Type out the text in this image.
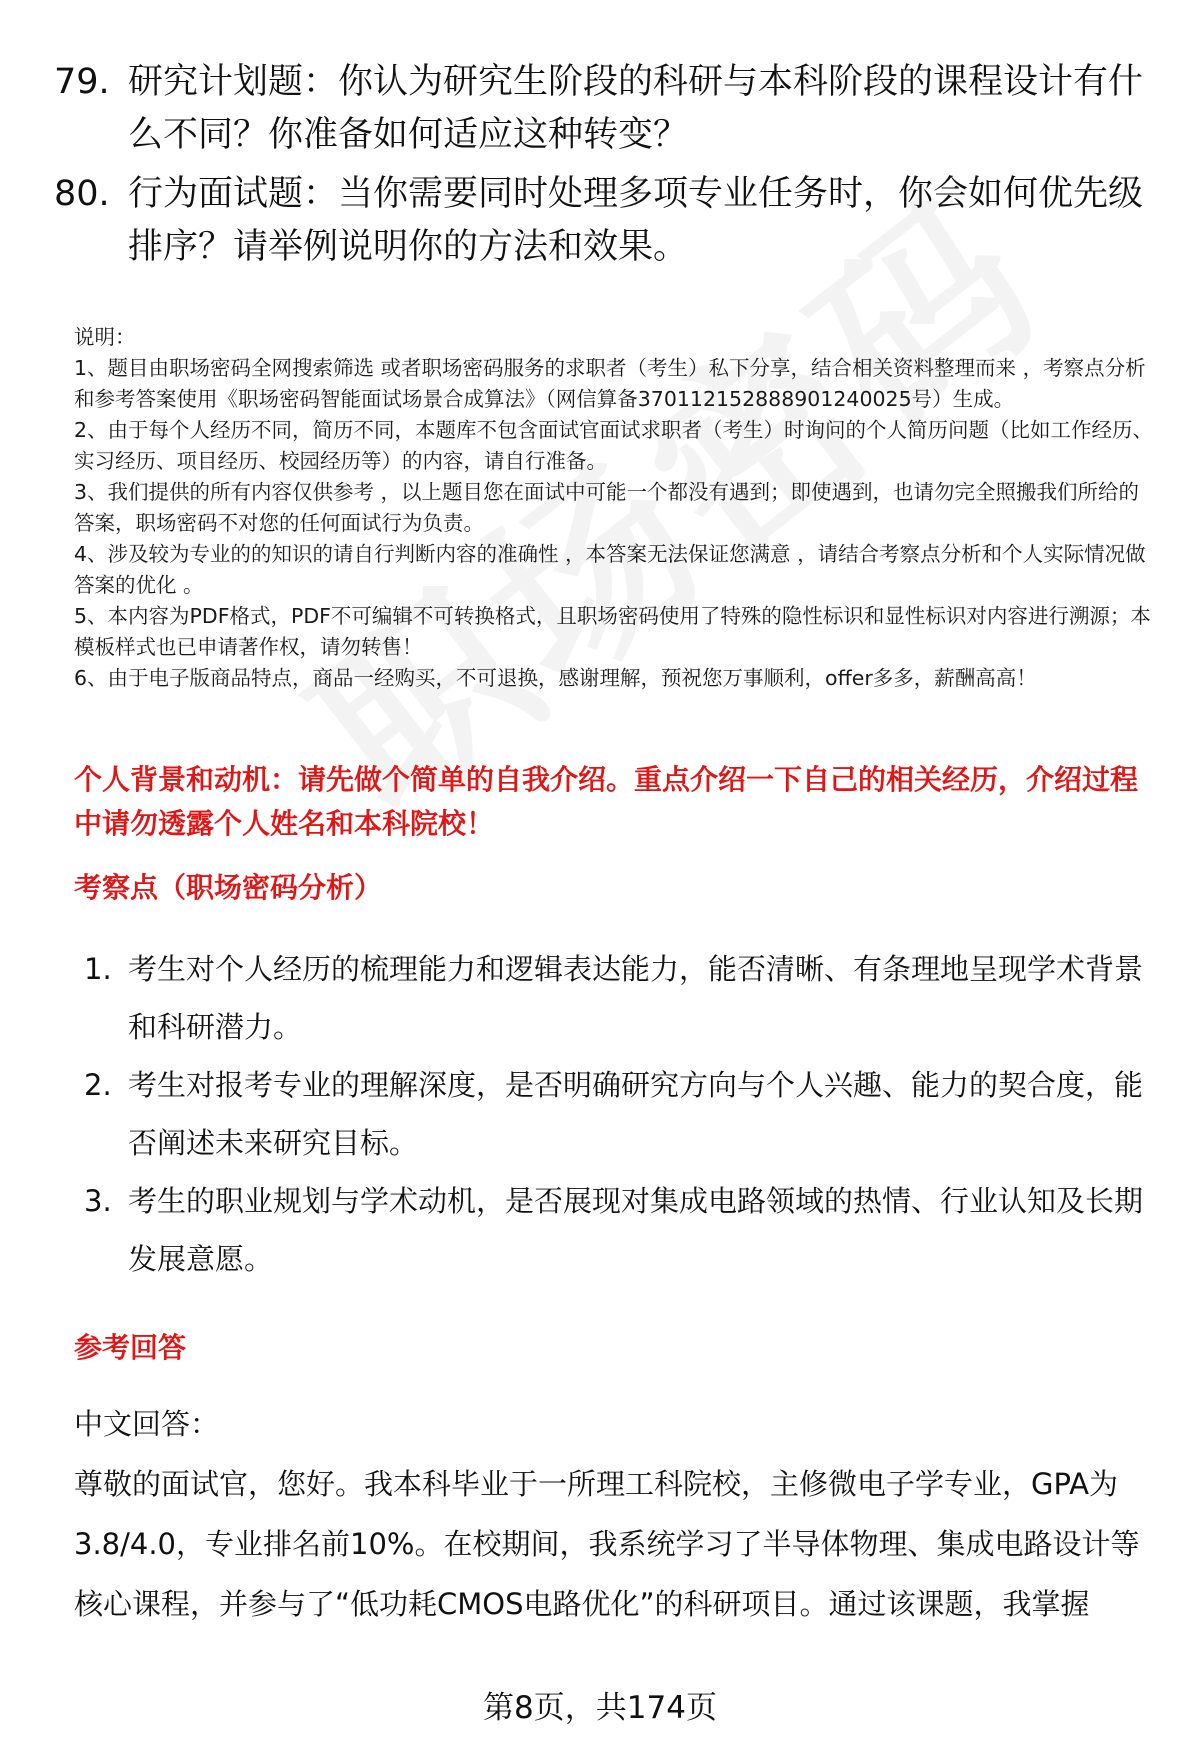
79. 研究计划题：你认为研究生阶段的科研与本科阶段的课程设计有什么不同？你准备如何适应这种转变？
80. 行为面试题：当你需要同时处理多项专业任务时，你会如何优先级排序？请举例说明你的方法和效果。

说明：

1、题目由职场密码全网搜索筛选 或者职场密码服务的求职者（考生）私下分享，结合相关资料整理而来 ，考察点分析和参考答案使用《职场密码智能面试场景合成算法》（网信算备370112152888901240025号）生成。

2、由于每个人经历不同，简历不同，本题库不包含面试官面试求职者（考生）时询问的个人简历问题（比如工作经历、实习经历、项目经历、校园经历等）的内容，请自行准备。

3、我们提供的所有内容仅供参考 ，以上题目您在面试中可能一个都没有遇到；即使遇到，也请勿完全照搬我们所给的答案，职场密码不对您的任何面试行为负责。

4、涉及较为专业的的知识的请自行判断内容的准确性 ，本答案无法保证您满意 ，请结合考察点分析和个人实际情况做答案的优化 。

5、本内容为PDF格式，PDF不可编辑不可转换格式，且职场密码使用了特殊的隐性标识和显性标识对内容进行溯源；本模板样式也已申请著作权，请勿转售！

6、由于电子版商品特点，商品一经购买，不可退换，感谢理解，预祝您万事顺利，offer多多，薪酬高高！

个人背景和动机：请先做个简单的自我介绍。重点介绍一下自己的相关经历，介绍过程中请勿透露个人姓名和本科院校！
考察点（职场密码分析）
1. 考生对个人经历的梳理能力和逻辑表达能力，能否清晰、有条理地呈现学术背景和科研潜力。
2. 考生对报考专业的理解深度，是否明确研究方向与个人兴趣、能力的契合度，能否阐述未来研究目标。
3. 考生的职业规划与学术动机，是否展现对集成电路领域的热情、行业认知及长期发展意愿。
参考回答

中文回答：

尊敬的面试官，您好。我本科毕业于一所理工科院校，主修微电子学专业，GPA为3.8/4.0，专业排名前10%。在校期间，我系统学习了半导体物理、集成电路设计等核心课程，并参与了“低功耗CMOS电路优化”的科研项目。通过该课题，我掌握

第8页，共174页
